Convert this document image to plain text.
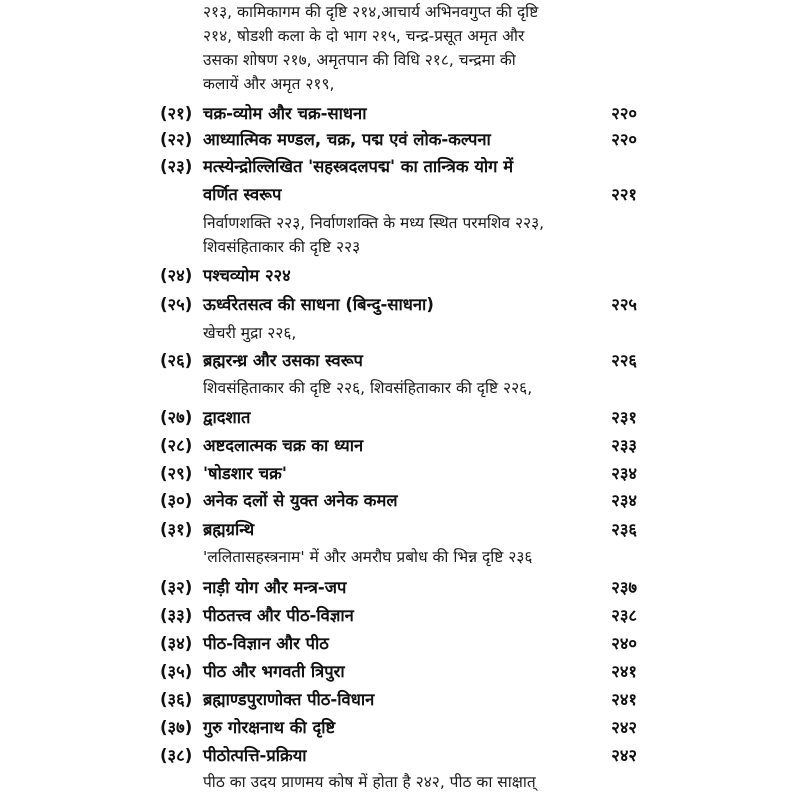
२१३, कामिकागम की दृष्टि २१४,आचार्य अभिनवगुप्त की दृष्टि
२१४, षोडशी कला के दो भाग २१५, चन्द्र-प्रसूत अमृत और
उसका शोषण २१७, अमृतपान की विधि २१८, चन्द्रमा की
कलायें और अमृत २१९,
(२१) चक्र-व्योम और चक्र-साधना	२२०
(२२) आध्यात्मिक मण्डल, चक्र, पद्म एवं लोक-कल्पना	२२०
(२३) मत्स्येन्द्रोल्लिखित 'सहस्त्रदलपद्म' का तान्त्रिक योग में
वर्णित स्वरूप	२२१
निर्वाणशक्ति २२३, निर्वाणशक्ति के मध्य स्थित परमशिव २२३,
शिवसंहिताकार की दृष्टि २२३
(२४) पश्चव्योम २२४
(२५) ऊर्ध्वरेतसत्व की साधना (बिन्दु-साधना)	२२५
खेचरी मुद्रा २२६,
(२६) ब्रह्मरन्ध्र और उसका स्वरूप	२२६
शिवसंहिताकार की दृष्टि २२६, शिवसंहिताकार की दृष्टि २२६,
(२७) द्वादशात	२३१
(२८) अष्टदलात्मक चक्र का ध्यान	२३३
(२९) 'षोडशार चक्र'	२३४
(३०) अनेक दलों से युक्त अनेक कमल	२३४
(३१) ब्रह्मग्रन्थि	२३६
'ललितासहस्त्रनाम' में और अमरौघ प्रबोध की भिन्न दृष्टि २३६
(३२) नाड़ी योग और मन्त्र-जप	२३७
(३३) पीठतत्त्व और पीठ-विज्ञान	२३८
(३४) पीठ-विज्ञान और पीठ	२४०
(३५) पीठ और भगवती त्रिपुरा	२४१
(३६) ब्रह्माण्डपुराणोक्त पीठ-विधान	२४१
(३७) गुरु गोरक्षनाथ की दृष्टि	२४२
(३८) पीठोत्पत्ति-प्रक्रिया	२४२
पीठ का उदय प्राणमय कोष में होता है २४२, पीठ का साक्षात्
